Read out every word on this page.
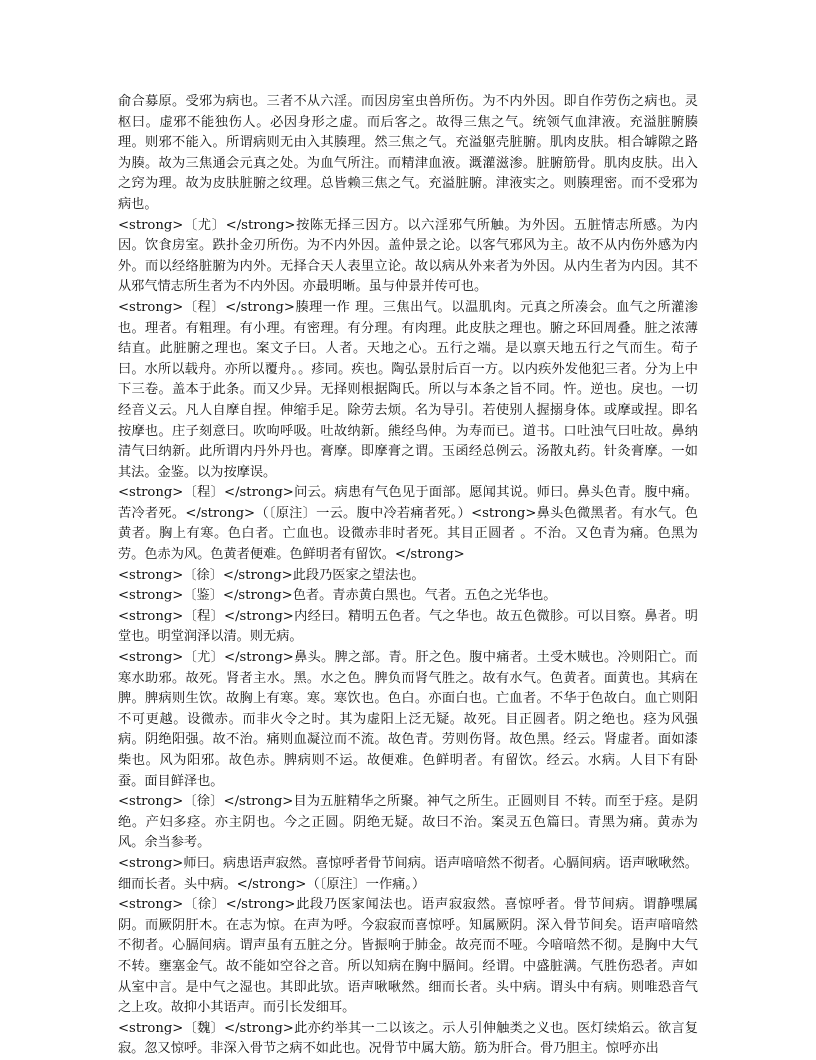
俞合募原。受邪为病也。三者不从六淫。而因房室虫兽所伤。为不内外因。即自作劳伤之病也。灵枢曰。虚邪不能独伤人。必因身形之虚。而后客之。故得三焦之气。统领气血津液。充溢脏腑腠理。则邪不能入。所谓病则无由入其腠理。然三焦之气。充溢躯壳脏腑。肌肉皮肤。相合罅隙之路为腠。故为三焦通会元真之处。为血气所注。而精津血液。溉灌滋渗。脏腑筋骨。肌肉皮肤。出入之窍为理。故为皮肤脏腑之纹理。总皆赖三焦之气。充溢脏腑。津液实之。则腠理密。而不受邪为病也。

<strong>〔尤〕</strong>按陈无择三因方。以六淫邪气所触。为外因。五脏情志所感。为内因。饮食房室。跌扑金刃所伤。为不内外因。盖仲景之论。以客气邪风为主。故不从内伤外感为内外。而以经络脏腑为内外。无择合天人表里立论。故以病从外来者为外因。从内生者为内因。其不从邪气情志所生者为不内外因。亦最明晰。虽与仲景并传可也。

<strong>〔程〕</strong>腠理一作 理。三焦出气。以温肌肉。元真之所凑会。血气之所灌渗也。理者。有粗理。有小理。有密理。有分理。有肉理。此皮肤之理也。腑之环回周叠。脏之浓薄结直。此脏腑之理也。案文子曰。人者。天地之心。五行之端。是以禀天地五行之气而生。荀子曰。水所以载舟。亦所以覆舟。。疹同。疾也。陶弘景肘后百一方。以内疾外发他犯三者。分为上中下三卷。盖本于此条。而又少异。无择则根据陶氏。所以与本条之旨不同。忤。逆也。戾也。一切经音义云。凡人自摩自捏。伸缩手足。除劳去烦。名为导引。若使别人握搦身体。或摩或捏。即名按摩也。庄子刻意曰。吹呴呼吸。吐故纳新。熊经鸟伸。为寿而已。道书。口吐浊气曰吐故。鼻纳清气曰纳新。此所谓内丹外丹也。膏摩。即摩膏之谓。玉函经总例云。汤散丸药。针灸膏摩。一如其法。金鉴。以为按摩误。

<strong>〔程〕</strong>问云。病患有气色见于面部。愿闻其说。师曰。鼻头色青。腹中痛。苦冷者死。</strong>（〔原注〕一云。腹中冷若痛者死。）<strong>鼻头色微黑者。有水气。色黄者。胸上有寒。色白者。亡血也。设微赤非时者死。其目正圆者 。不治。又色青为痛。色黑为劳。色赤为风。色黄者便难。色鲜明者有留饮。</strong>

<strong>〔徐〕</strong>此段乃医家之望法也。

<strong>〔鉴〕</strong>色者。青赤黄白黑也。气者。五色之光华也。

<strong>〔程〕</strong>内经曰。精明五色者。气之华也。故五色微胗。可以目察。鼻者。明堂也。明堂润泽以清。则无病。

<strong>〔尤〕</strong>鼻头。脾之部。青。肝之色。腹中痛者。土受木贼也。冷则阳亡。而寒水助邪。故死。肾者主水。黑。水之色。脾负而肾气胜之。故有水气。色黄者。面黄也。其病在脾。脾病则生饮。故胸上有寒。寒。寒饮也。色白。亦面白也。亡血者。不华于色故白。血亡则阳不可更越。设微赤。而非火令之时。其为虚阳上泛无疑。故死。目正圆者。阴之绝也。痉为风强病。阴绝阳强。故不治。痛则血凝泣而不流。故色青。劳则伤肾。故色黑。经云。肾虚者。面如漆柴也。风为阳邪。故色赤。脾病则不运。故便难。色鲜明者。有留饮。经云。水病。人目下有卧蚕。面目鲜泽也。

<strong>〔徐〕</strong>目为五脏精华之所聚。神气之所生。正圆则目 不转。而至于痉。是阴绝。产妇多痉。亦主阴也。今之正圆。阴绝无疑。故曰不治。案灵五色篇曰。青黑为痛。黄赤为风。余当参考。

<strong>师曰。病患语声寂然。喜惊呼者骨节间病。语声喑喑然不彻者。心膈间病。语声啾啾然。细而长者。头中病。</strong>（〔原注〕一作痛。）

<strong>〔徐〕</strong>此段乃医家闻法也。语声寂寂然。喜惊呼者。骨节间病。谓静嘿属阴。而厥阴肝木。在志为惊。在声为呼。今寂寂而喜惊呼。知属厥阴。深入骨节间矣。语声喑喑然不彻者。心膈间病。谓声虽有五脏之分。皆振响于肺金。故亮而不哑。今喑喑然不彻。是胸中大气不转。壅塞金气。故不能如空谷之音。所以知病在胸中膈间。经谓。中盛脏满。气胜伤恐者。声如从室中言。是中气之湿也。其即此欤。语声啾啾然。细而长者。头中病。谓头中有病。则唯恐音气之上攻。故抑小其语声。而引长发细耳。

<strong>〔魏〕</strong>此亦约举其一二以该之。示人引伸触类之义也。医灯续焰云。欲言复寂。忽又惊呼。非深入骨节之病不如此也。况骨节中属大筋。筋为肝合。骨乃胆主。惊呼亦出
